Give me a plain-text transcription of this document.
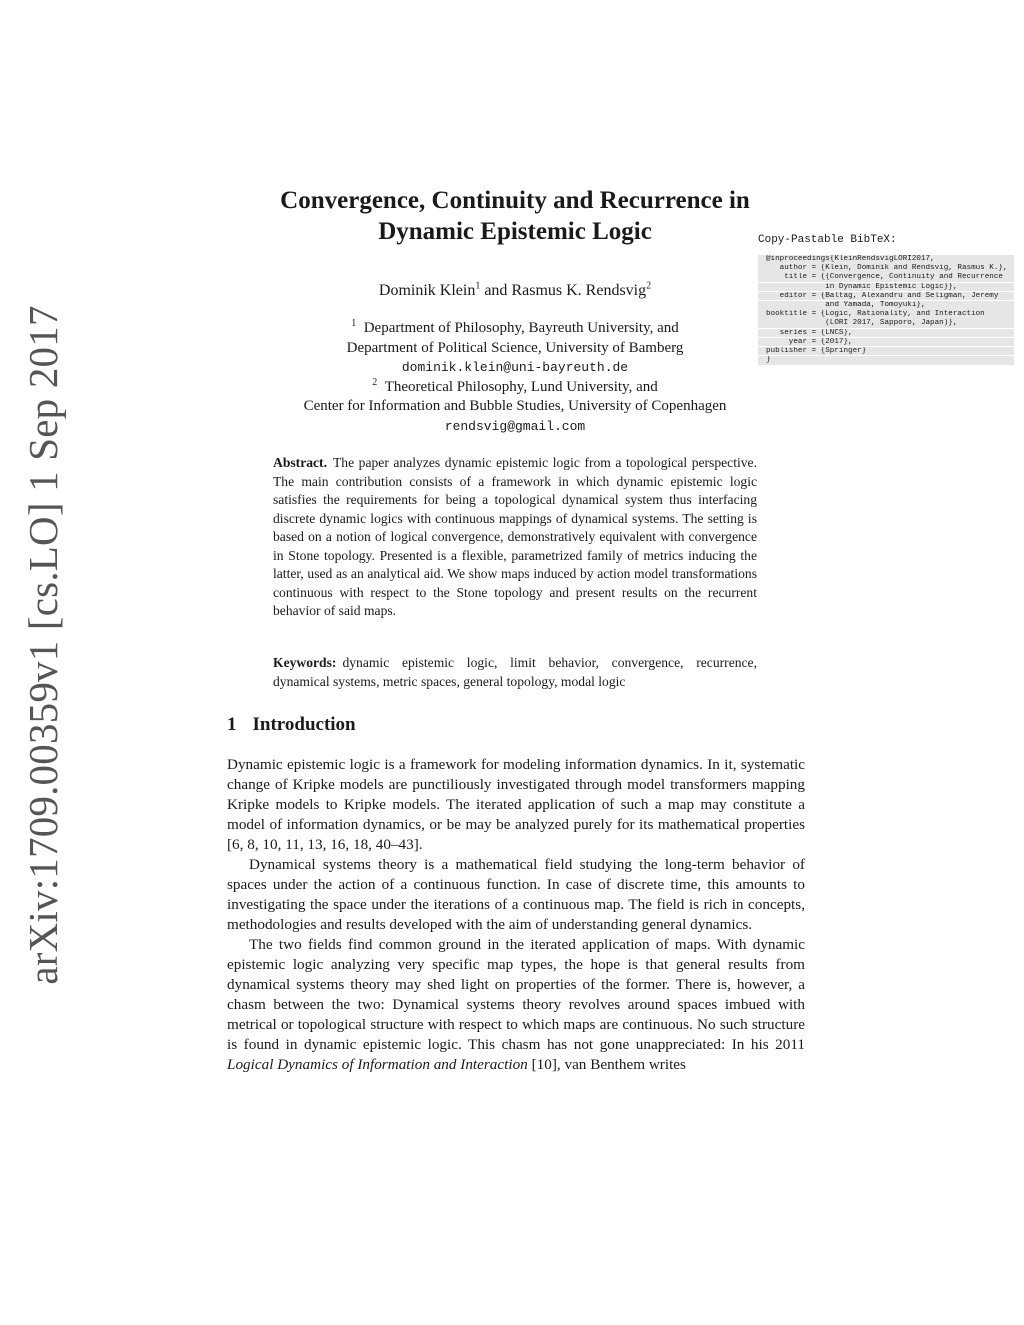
arXiv:1709.00359v1 [cs.LO] 1 Sep 2017
Convergence, Continuity and Recurrence in
Dynamic Epistemic Logic
Dominik Klein$^1$ and Rasmus K. Rendsvig$^2$
$^1$ Department of Philosophy, Bayreuth University, and
Department of Political Science, University of Bamberg
dominik.klein@uni-bayreuth.de
$^2$ Theoretical Philosophy, Lund University, and
Center for Information and Bubble Studies, University of Copenhagen
rendsvig@gmail.com
Copy-Pastable BibTeX:
@inproceedings{KleinRendsvigLORI2017,
author = {Klein, Dominik and Rendsvig, Rasmus K.},
title = {{Convergence, Continuity and Recurrence
in Dynamic Epistemic Logic}},
editor = {Baltag, Alexandru and Seligman, Jeremy
and Yamada, Tomoyuki},
booktitle = {Logic, Rationality, and Interaction
(LORI 2017, Sapporo, Japan)},
series = {LNCS},
year = {2017},
publisher = {Springer}
}
Abstract. The paper analyzes dynamic epistemic logic from a topological perspective. The main contribution consists of a framework in which dynamic epistemic logic satisfies the requirements for being a topological dynamical system thus interfacing discrete dynamic logics with continuous mappings of dynamical systems. The setting is based on a notion of logical convergence, demonstratively equivalent with convergence in Stone topology. Presented is a flexible, parametrized family of metrics inducing the latter, used as an analytical aid. We show maps induced by action model transformations continuous with respect to the Stone topology and present results on the recurrent behavior of said maps.
Keywords: dynamic epistemic logic, limit behavior, convergence, recurrence, dynamical systems, metric spaces, general topology, modal logic
1 Introduction

Dynamic epistemic logic is a framework for modeling information dynamics. In it, systematic change of Kripke models are punctiliously investigated through model transformers mapping Kripke models to Kripke models. The iterated application of such a map may constitute a model of information dynamics, or be may be analyzed purely for its mathematical properties [6, 8, 10, 11, 13, 16, 18, 40–43].

Dynamical systems theory is a mathematical field studying the long-term behavior of spaces under the action of a continuous function. In case of discrete time, this amounts to investigating the space under the iterations of a continuous map. The field is rich in concepts, methodologies and results developed with the aim of understanding general dynamics.

The two fields find common ground in the iterated application of maps. With dynamic epistemic logic analyzing very specific map types, the hope is that general results from dynamical systems theory may shed light on properties of the former. There is, however, a chasm between the two: Dynamical systems theory revolves around spaces imbued with metrical or topological structure with respect to which maps are continuous. No such structure is found in dynamic epistemic logic. This chasm has not gone unappreciated: In his 2011 Logical Dynamics of Information and Interaction [10], van Benthem writes
